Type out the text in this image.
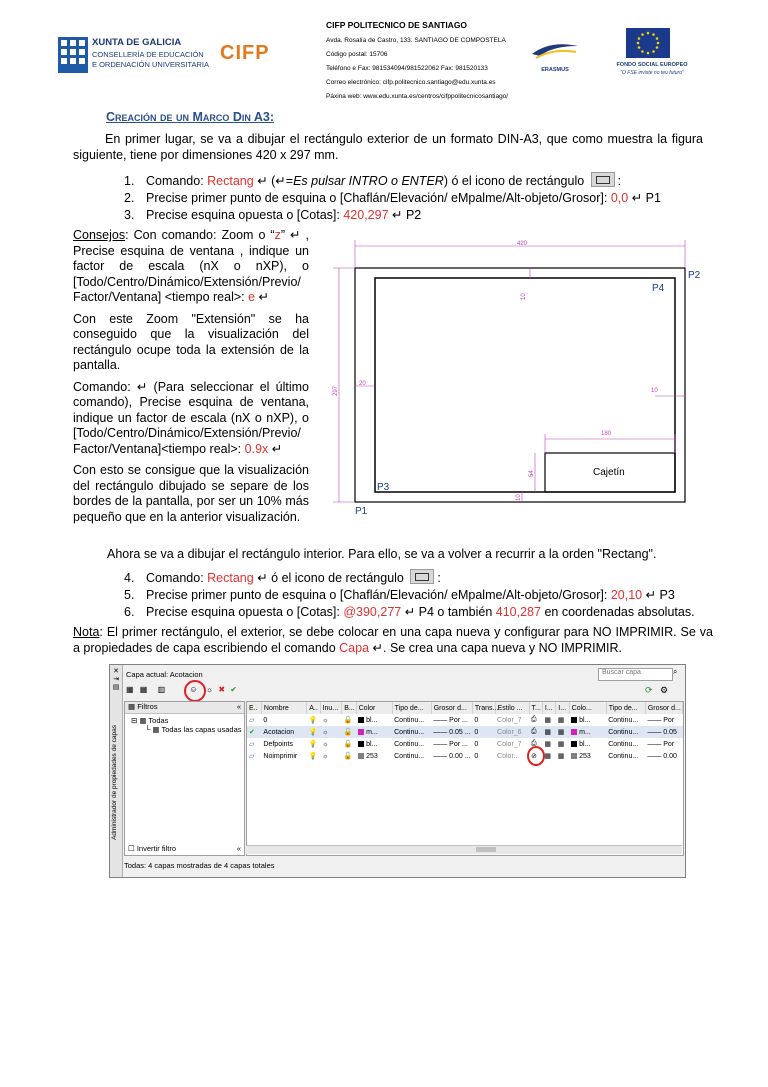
XUNTA DE GALICIA
CONSELLERÍA DE EDUCACIÓN
E ORDENACIÓN UNIVERSITARIA
CIFP
CIFP POLITECNICO DE SANTIAGO
Avda. Rosalía de Castro, 133. SANTIAGO DE COMPOSTELA
Código postal: 15706
Teléfono e Fax: 981534094/981522062 Fax: 981520133
Correo electrónico: cifp.politecnico.santiago@edu.xunta.es
Páxina web: www.edu.xunta.es/centros/cifppolitecnicosantiago/
ERASMUS
FONDO SOCIAL EUROPEO
"O FSE inviste no teu futuro"
Creación de un Marco Din A3:
En primer lugar, se va a dibujar el rectángulo exterior de un formato DIN-A3, que como muestra la figura siguiente, tiene por dimensiones 420 x 297 mm.
1. Comando: Rectang ↵ (↵=Es pulsar INTRO o ENTER) ó el icono de rectángulo	:
2. Precise primer punto de esquina o [Chaflán/Elevación/ eMpalme/Alt-objeto/Grosor]: 0,0 ↵ P1
3. Precise esquina opuesta o [Cotas]: 420,297 ↵ P2

Consejos: Con comando: Zoom o “z” ↵ , Precise esquina de ventana , indique un factor de escala (nX o nXP), o [Todo/Centro/Dinámico/Extensión/Previo/ Factor/Ventana] <tiempo real>: e ↵

Con este Zoom "Extensión" se ha conseguido que la visualización del rectángulo ocupe toda la extensión de la pantalla.

Comando: ↵ (Para seleccionar el último comando), Precise esquina de ventana, indique un factor de escala (nX o nXP), o [Todo/Centro/Dinámico/Extensión/Previo/ Factor/Ventana]<tiempo real>: 0.9x ↵

Con esto se consigue que la visualización del rectángulo dibujado se separe de los bordes de la pantalla, por ser un 10% más pequeño que en la anterior visualización.

420
297
10
20
10
180
54
10
P1
P2
P3
P4
Cajetín
Ahora se va a dibujar el rectángulo interior. Para ello, se va a volver a recurrir a la orden "Rectang".
4. Comando: Rectang ↵ ó el icono de rectángulo	:
5. Precise primer punto de esquina o [Chaflán/Elevación/ eMpalme/Alt-objeto/Grosor]: 20,10 ↵ P3
6. Precise esquina opuesta o [Cotas]: @390,277 ↵ P4 o también 410,287 en coordenadas absolutas.
Nota: El primer rectángulo, el exterior, se debe colocar en una capa nueva y configurar para NO IMPRIMIR. Se va a propiedades de capa escribiendo el comando Capa ↵. Se crea una capa nueva y NO IMPRIMIR.
✕
⇥
▤
Administrador de propiedades de capas
Capa actual: Acotacion	Buscar capa	⌕
▦ ▦ ▥	☺
☼ ✖ ✔	⟳ ⚙
▦ Filtros	«
⊟ ▦ Todas
└ ▦ Todas las capas usadas
☐ Invertir filtro	«
E..	Nombre	A..	Inu...	B...	Color	Tipo de...	Grosor d...	Trans...	Estilo ...	T...	I...	I...	Colo...	Tipo de...	Grosor d...
▱	0	💡	☼	🔓	bl...	Continu...	—— Por ...	0	Color_7	⎙	▦	▦	bl...	Continu...	—— Por
✔	Acotacion	💡	☼	🔓	m...	Continu...	—— 0.05 ...	0	Color_6	⎙	▦	▦	m...	Continu...	—— 0.05
▱	Defpoints	💡	☼	🔓	bl...	Continu...	—— Por ...	0	Color_7	⎙	▦	▦	bl...	Continu...	—— Por
▱	Noimprimir	💡	☼	🔓	253	Continu...	—— 0.00 ...	0	Color...	⊘	▦	▦	253	Continu...	—— 0.00
Todas: 4 capas mostradas de 4 capas totales
